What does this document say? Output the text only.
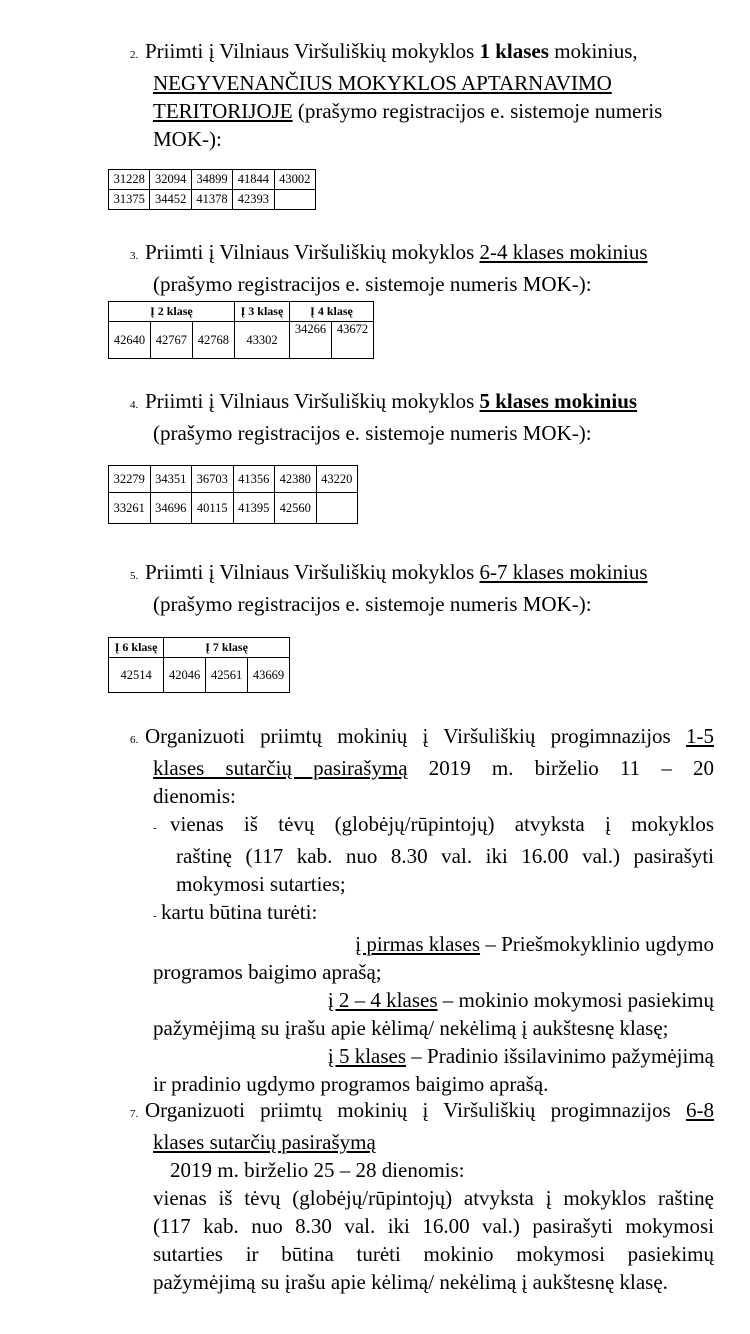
2. Priimti į Vilniaus Viršuliškių mokyklos 1 klases mokinius,
NEGYVENANČIUS MOKYKLOS APTARNAVIMO
TERITORIJOJE (prašymo registracijos e. sistemoje numeris
MOK-):
31228	32094	34899	41844	43002
31375	34452	41378	42393	
3. Priimti į Vilniaus Viršuliškių mokyklos 2-4 klases mokinius
(prašymo registracijos e. sistemoje numeris MOK-):
Į 2 klasę			Į 3 klasę	Į 4 klasę	
42640	42767	42768	43302	34266	43672
4. Priimti į Vilniaus Viršuliškių mokyklos 5 klases mokinius
(prašymo registracijos e. sistemoje numeris MOK-):
32279	34351	36703	41356	42380	43220
33261	34696	40115	41395	42560	
5. Priimti į Vilniaus Viršuliškių mokyklos 6-7 klases mokinius
(prašymo registracijos e. sistemoje numeris MOK-):
Į 6 klasę	Į 7 klasę		
42514	42046	42561	43669
6. Organizuoti priimtų mokinių į Viršuliškių progimnazijos 1-5
klases sutarčių pasirašymą 2019 m. birželio 11 – 20
dienomis:
- vienas iš tėvų (globėjų/rūpintojų) atvyksta į mokyklos
raštinę (117 kab. nuo 8.30 val. iki 16.00 val.) pasirašyti
mokymosi sutarties;
- kartu būtina turėti:
į pirmas klases – Priešmokyklinio ugdymo
programos baigimo aprašą;
į 2 – 4 klases – mokinio mokymosi pasiekimų
pažymėjimą su įrašu apie kėlimą/ nekėlimą į aukštesnę klasę;
į 5 klases – Pradinio išsilavinimo pažymėjimą
ir pradinio ugdymo programos baigimo aprašą.
7. Organizuoti priimtų mokinių į Viršuliškių progimnazijos 6-8
klases sutarčių pasirašymą
2019 m. birželio 25 – 28 dienomis:
vienas iš tėvų (globėjų/rūpintojų) atvyksta į mokyklos raštinę
(117 kab. nuo 8.30 val. iki 16.00 val.) pasirašyti mokymosi
sutarties ir būtina turėti mokinio mokymosi pasiekimų
pažymėjimą su įrašu apie kėlimą/ nekėlimą į aukštesnę klasę.
